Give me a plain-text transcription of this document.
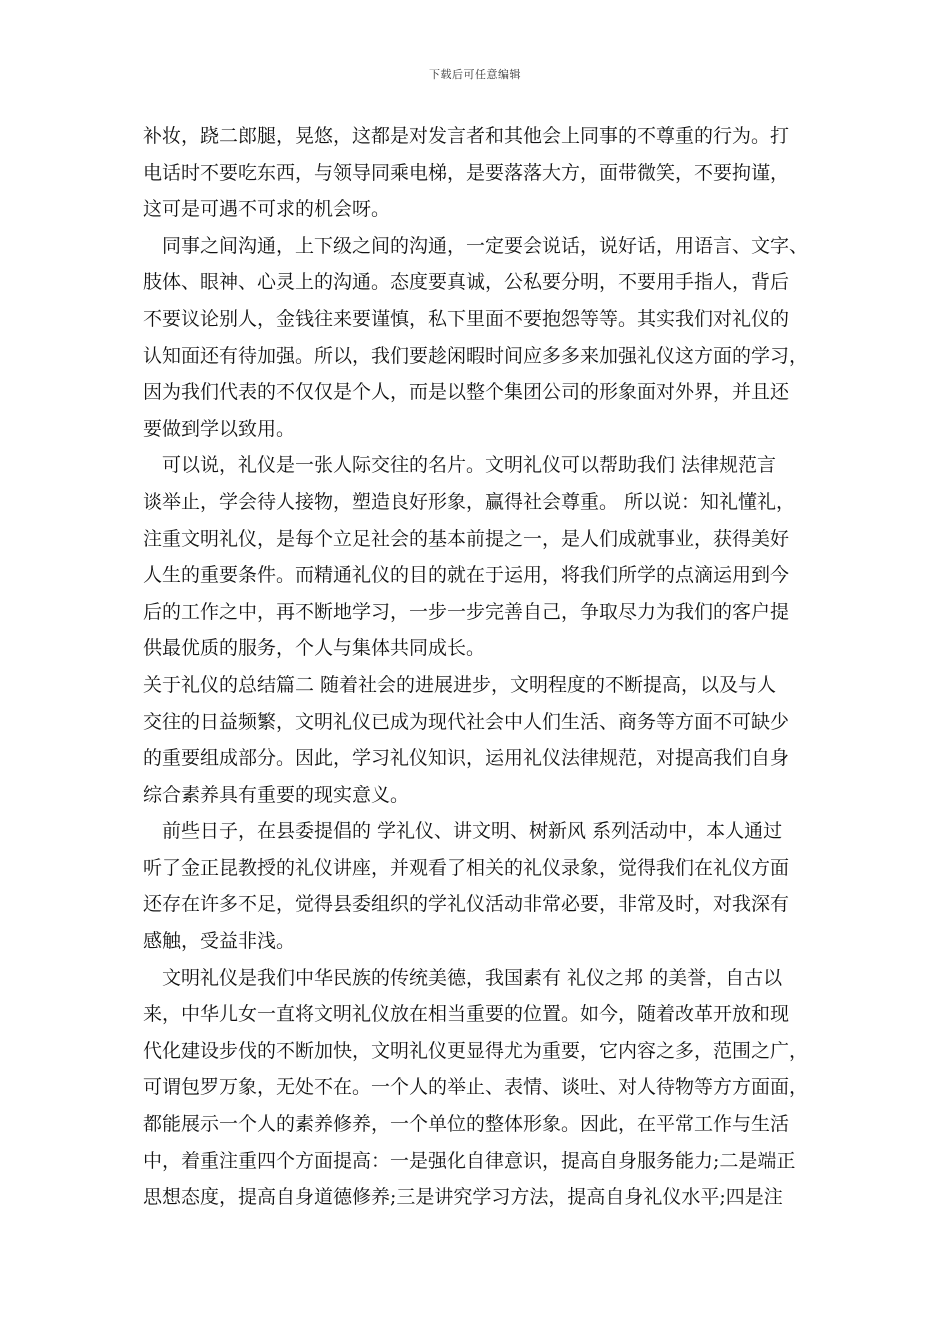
下载后可任意编辑
补妆，跷二郎腿，晃悠，这都是对发言者和其他会上同事的不尊重的行为。打
电话时不要吃东西，与领导同乘电梯，是要落落大方，面带微笑，不要拘谨，
这可是可遇不可求的机会呀。
　同事之间沟通，上下级之间的沟通，一定要会说话，说好话，用语言、文字、
肢体、眼神、心灵上的沟通。态度要真诚，公私要分明，不要用手指人，背后
不要议论别人，金钱往来要谨慎，私下里面不要抱怨等等。其实我们对礼仪的
认知面还有待加强。所以，我们要趁闲暇时间应多多来加强礼仪这方面的学习，
因为我们代表的不仅仅是个人，而是以整个集团公司的形象面对外界，并且还
要做到学以致用。
　可以说，礼仪是一张人际交往的名片。文明礼仪可以帮助我们 法律规范言
谈举止，学会待人接物，塑造良好形象，赢得社会尊重。 所以说：知礼懂礼，
注重文明礼仪，是每个立足社会的基本前提之一，是人们成就事业，获得美好
人生的重要条件。而精通礼仪的目的就在于运用，将我们所学的点滴运用到今
后的工作之中，再不断地学习，一步一步完善自己，争取尽力为我们的客户提
供最优质的服务，个人与集体共同成长。
关于礼仪的总结篇二 随着社会的进展进步，文明程度的不断提高，以及与人
交往的日益频繁，文明礼仪已成为现代社会中人们生活、商务等方面不可缺少
的重要组成部分。因此，学习礼仪知识，运用礼仪法律规范，对提高我们自身
综合素养具有重要的现实意义。
　前些日子，在县委提倡的 学礼仪、讲文明、树新风 系列活动中，本人通过
听了金正昆教授的礼仪讲座，并观看了相关的礼仪录象，觉得我们在礼仪方面
还存在许多不足，觉得县委组织的学礼仪活动非常必要，非常及时，对我深有
感触，受益非浅。
　文明礼仪是我们中华民族的传统美德，我国素有 礼仪之邦 的美誉，自古以
来，中华儿女一直将文明礼仪放在相当重要的位置。如今，随着改革开放和现
代化建设步伐的不断加快，文明礼仪更显得尤为重要，它内容之多，范围之广，
可谓包罗万象，无处不在。一个人的举止、表情、谈吐、对人待物等方方面面，
都能展示一个人的素养修养，一个单位的整体形象。因此，在平常工作与生活
中，着重注重四个方面提高：一是强化自律意识，提高自身服务能力;二是端正
思想态度，提高自身道德修养;三是讲究学习方法，提高自身礼仪水平;四是注
